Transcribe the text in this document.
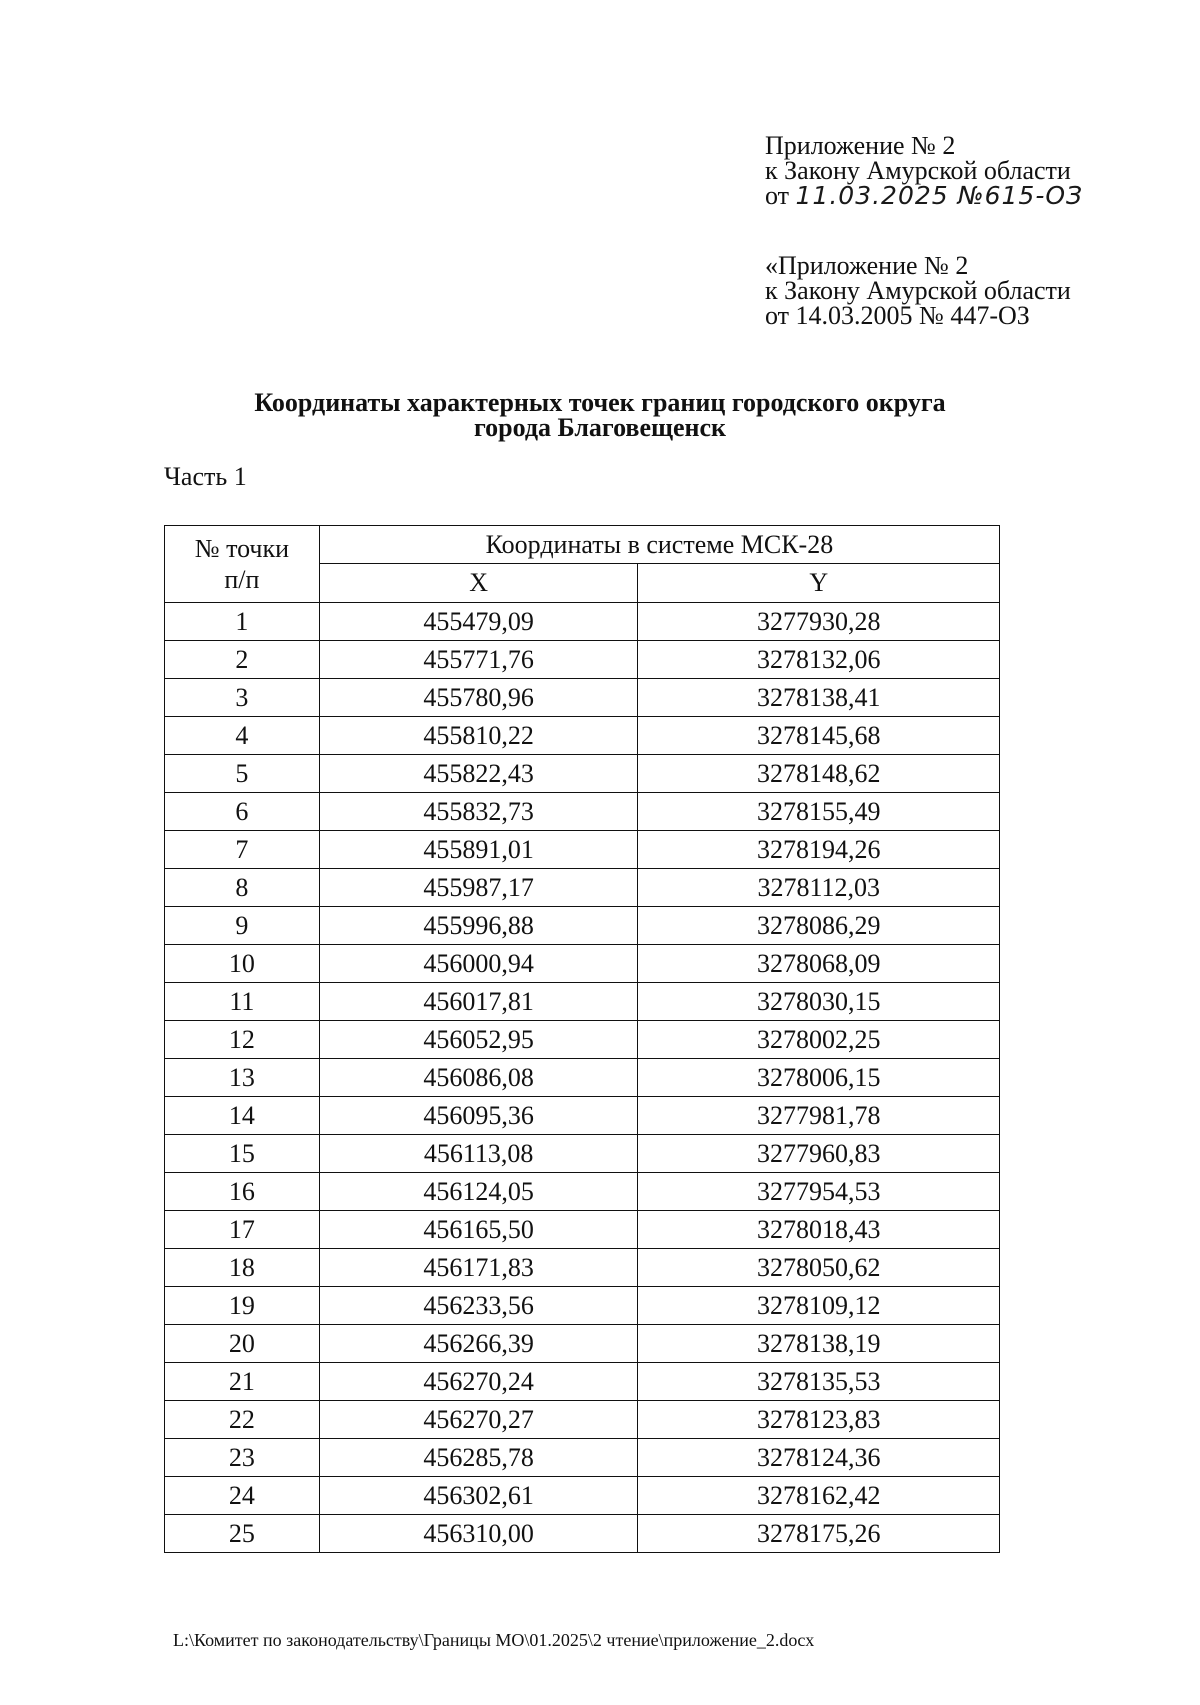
Приложение № 2
к Закону Амурской области
от 11.03.2025 №615-ОЗ
«Приложение № 2
к Закону Амурской области
от 14.03.2005 № 447-ОЗ
Координаты характерных точек границ городского округа
города Благовещенск
Часть 1
№ точки
п/п	Координаты в системе МСК-28	
	X	Y
1	455479,09	3277930,28
2	455771,76	3278132,06
3	455780,96	3278138,41
4	455810,22	3278145,68
5	455822,43	3278148,62
6	455832,73	3278155,49
7	455891,01	3278194,26
8	455987,17	3278112,03
9	455996,88	3278086,29
10	456000,94	3278068,09
11	456017,81	3278030,15
12	456052,95	3278002,25
13	456086,08	3278006,15
14	456095,36	3277981,78
15	456113,08	3277960,83
16	456124,05	3277954,53
17	456165,50	3278018,43
18	456171,83	3278050,62
19	456233,56	3278109,12
20	456266,39	3278138,19
21	456270,24	3278135,53
22	456270,27	3278123,83
23	456285,78	3278124,36
24	456302,61	3278162,42
25	456310,00	3278175,26
L:\Комитет по законодательству\Границы МО\01.2025\2 чтение\приложение_2.docx
